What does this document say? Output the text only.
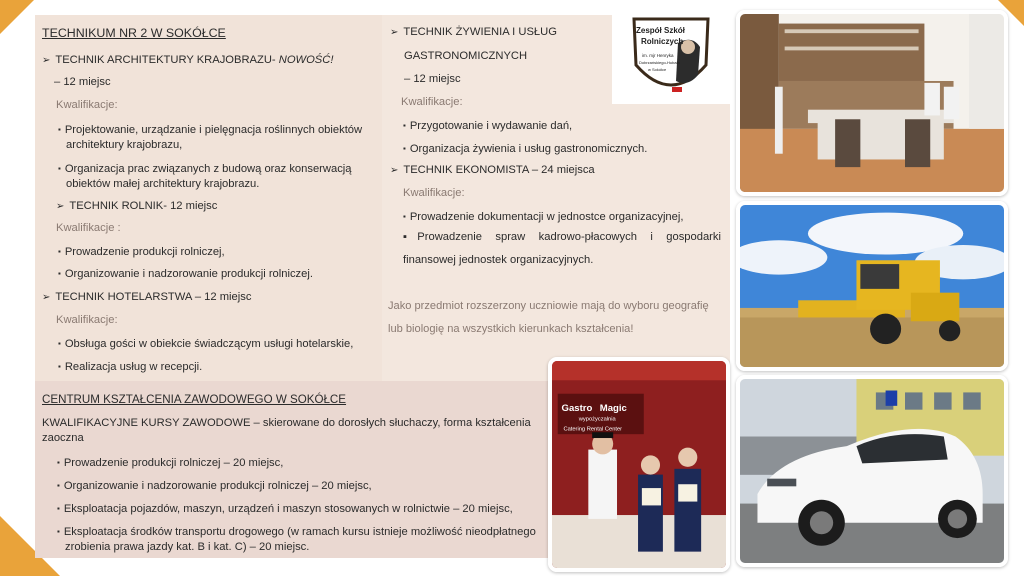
TECHNIKUM NR 2 W SOKÓŁCE
➢ TECHNIK ARCHITEKTURY KRAJOBRAZU- NOWOŚĆ!
– 12 miejsc
Kwalifikacje:
▪ Projektowanie, urządzanie i pielęgnacja roślinnych obiektów architektury krajobrazu,
▪ Organizacja prac związanych z budową oraz konserwacją obiektów małej architektury krajobrazu.
➢ TECHNIK ROLNIK- 12 miejsc
Kwalifikacje :
▪ Prowadzenie produkcji rolniczej,
▪ Organizowanie i nadzorowanie produkcji rolniczej.
➢ TECHNIK HOTELARSTWA – 12 miejsc
Kwalifikacje:
▪ Obsługa gości w obiekcie świadczącym usługi hotelarskie,
▪ Realizacja usług w recepcji.
➢ TECHNIK ŻYWIENIA I USŁUG
GASTRONOMICZNYCH
– 12 miejsc
Kwalifikacje:
▪ Przygotowanie i wydawanie dań,
▪ Organizacja żywienia i usług gastronomicznych.
➢ TECHNIK EKONOMISTA – 24 miejsca
Kwalifikacje:
▪ Prowadzenie dokumentacji w jednostce organizacyjnej,
▪Prowadzenie spraw kadrowo-płacowych i gospodarki
finansowej jednostek organizacyjnych.
Jako przedmiot rozszerzony uczniowie mają do wyboru geografię lub biologię na wszystkich kierunkach kształcenia!
CENTRUM KSZTAŁCENIA ZAWODOWEGO W SOKÓŁCE
KWALIFIKACYJNE KURSY ZAWODOWE – skierowane do dorosłych słuchaczy, forma kształcenia zaoczna
▪ Prowadzenie produkcji rolniczej – 20 miejsc,
▪ Organizowanie i nadzorowanie produkcji rolniczej – 20 miejsc,
▪ Eksploatacja pojazdów, maszyn, urządzeń i maszyn stosowanych w rolnictwie – 20 miejsc,
▪ Eksploatacja środków transportu drogowego (w ramach kursu istnieje możliwość nieodpłatnego zrobienia prawa jazdy kat. B i kat. C) – 20 miejsc.
Zespół Szkół
Rolniczych
im. mjr Henryka
Dobrzańskiego-Hubala
w Sokółce
Gastro Magic
wypożyczalnia
Catering Rental Center
